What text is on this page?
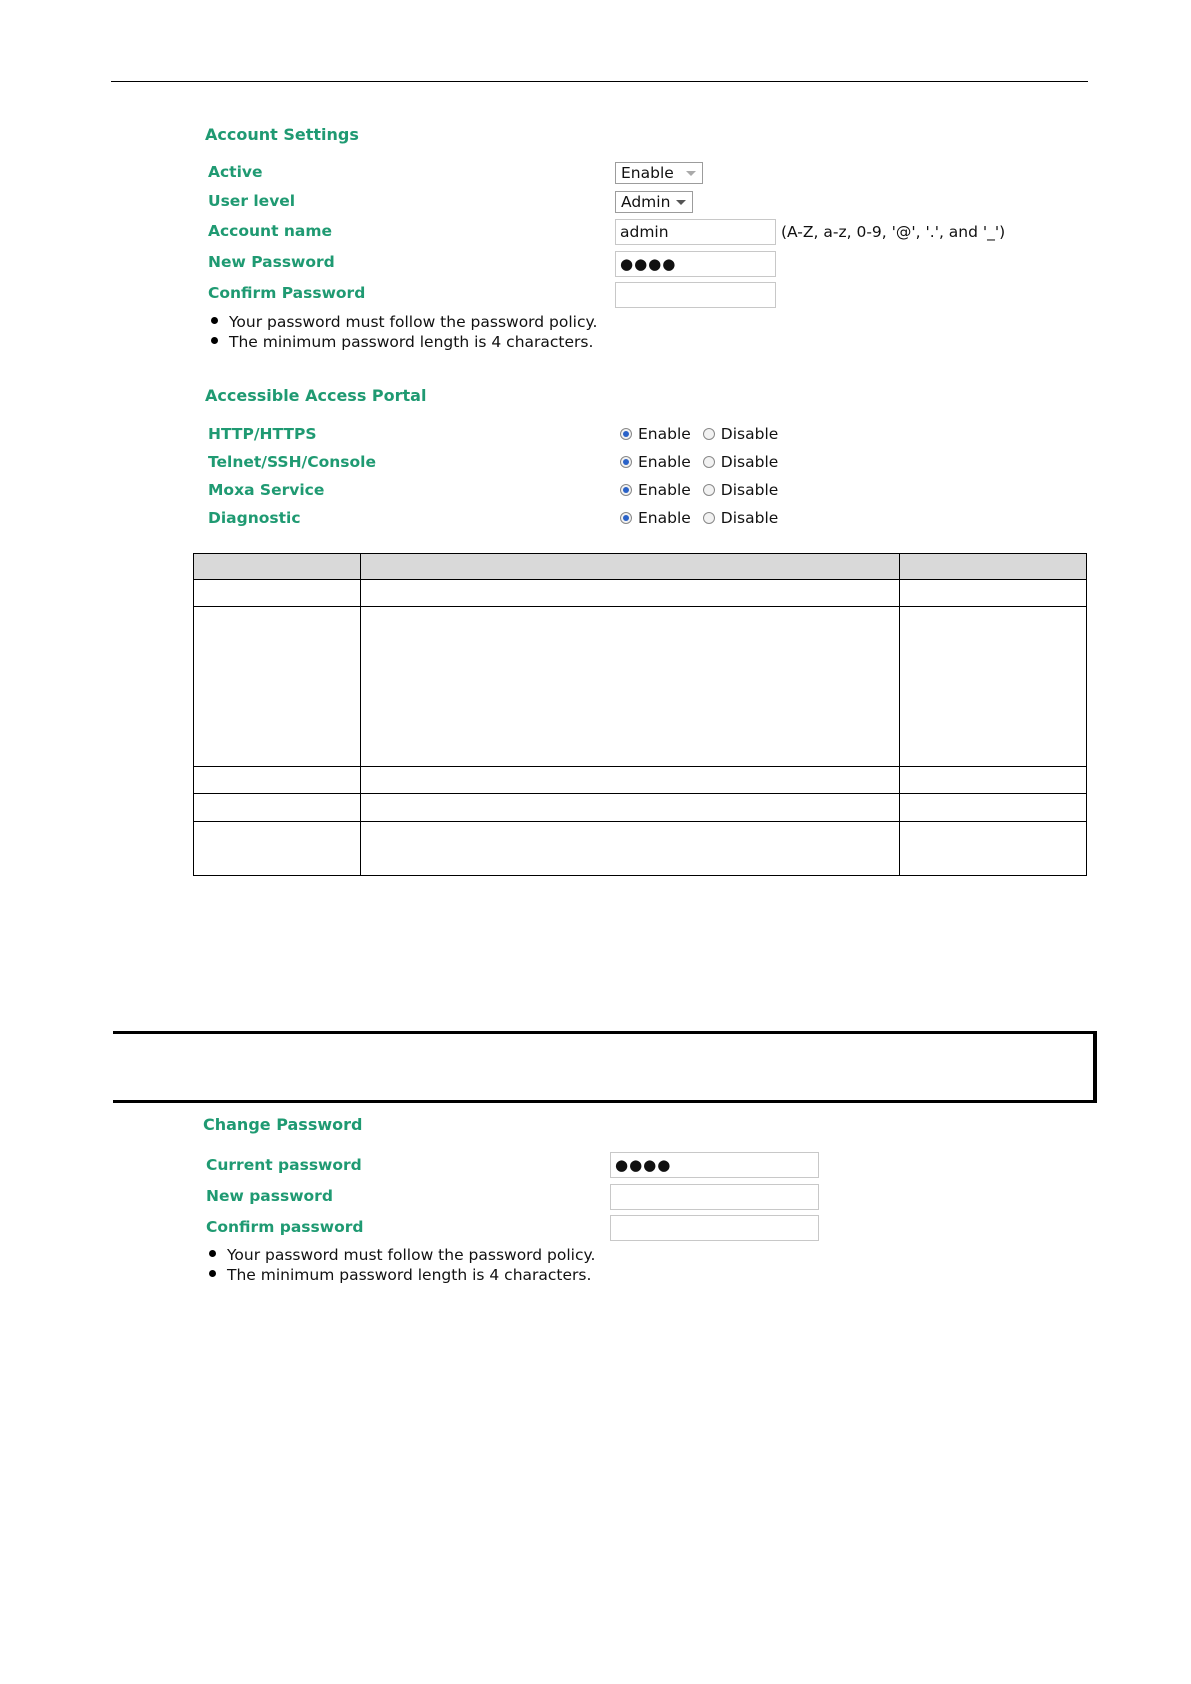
Account Settings
Active	Enable
User level	Admin
Account name	admin	(A-Z, a-z, 0-9, '@', '.', and '_')
New Password	●●●●
Confirm Password
Your password must follow the password policy.
The minimum password length is 4 characters.
Accessible Access Portal
HTTP/HTTPS	Enable Disable
Telnet/SSH/Console	Enable Disable
Moxa Service	Enable Disable
Diagnostic	Enable Disable
Change Password
Current password	●●●●
New password
Confirm password
Your password must follow the password policy.
The minimum password length is 4 characters.
